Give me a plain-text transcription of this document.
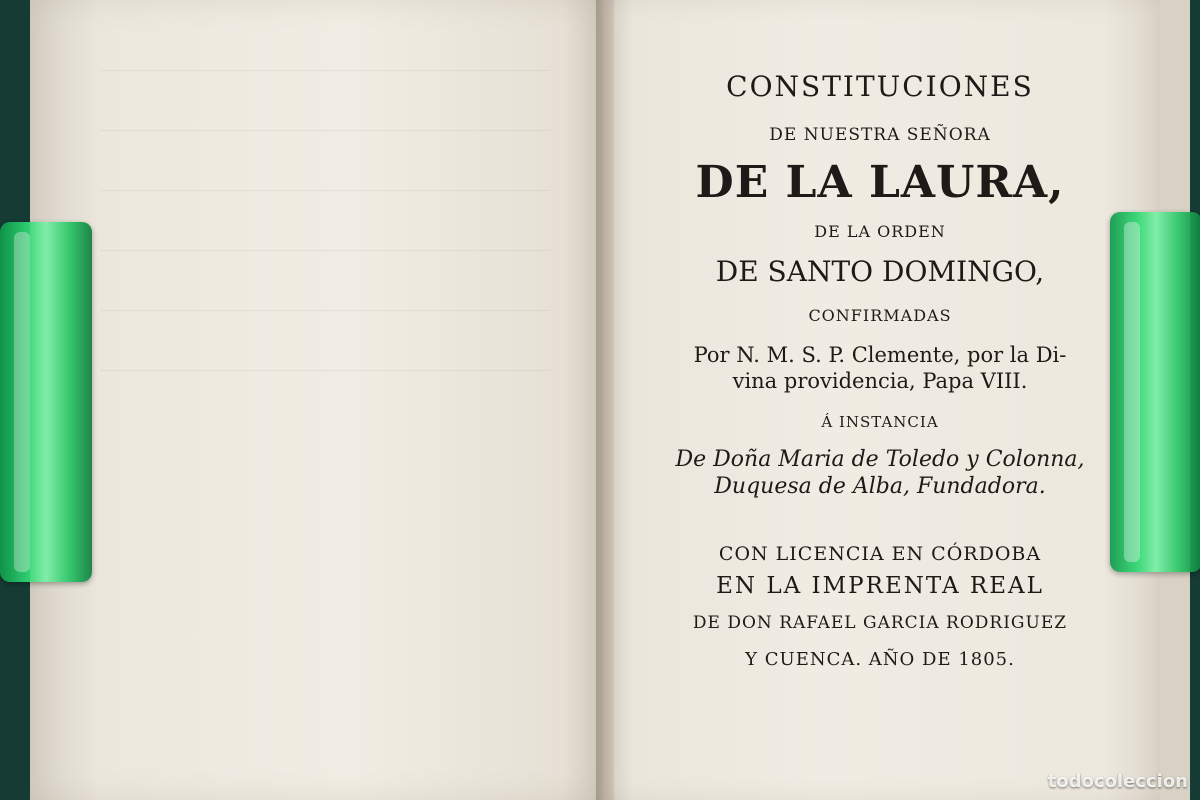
CONSTITUCIONES
DE NUESTRA SEÑORA
DE LA LAURA,
DE LA ORDEN
DE SANTO DOMINGO,
CONFIRMADAS
Por N. M. S. P. Clemente, por la Di-
vina providencia, Papa VIII.
Á INSTANCIA
De Doña Maria de Toledo y Colonna,
Duquesa de Alba, Fundadora.
CON LICENCIA EN CÓRDOBA
EN LA IMPRENTA REAL
DE DON RAFAEL GARCIA RODRIGUEZ
Y CUENCA. AÑO DE 1805.
todocoleccion
